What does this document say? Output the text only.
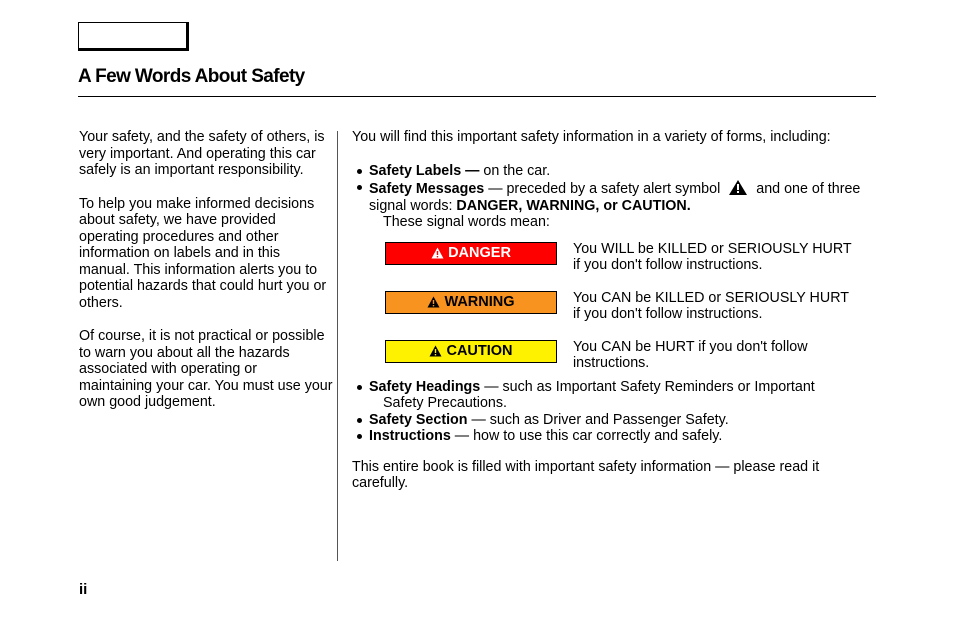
A Few Words About Safety

Your safety, and the safety of others, is very important. And operating this car safely is an important responsibility.

To help you make informed decisions about safety, we have provided operating procedures and other information on labels and in this manual. This information alerts you to potential hazards that could hurt you or others.

Of course, it is not practical or possible to warn you about all the hazards associated with operating or maintaining your car. You must use your own good judgement.

You will find this important safety information in a variety of forms, including:

Safety Labels — on the car.
Safety Messages — preceded by a safety alert symbol	and one of three signal words: DANGER, WARNING, or CAUTION.
These signal words mean:
DANGER	You WILL be KILLED or SERIOUSLY HURT if you don't follow instructions.
WARNING	You CAN be KILLED or SERIOUSLY HURT if you don't follow instructions.
CAUTION	You CAN be HURT if you don't follow instructions.
Safety Headings — such as Important Safety Reminders or Important
Safety Precautions.
Safety Section — such as Driver and Passenger Safety.
Instructions — how to use this car correctly and safely.

This entire book is filled with important safety information — please read it carefully.

ii
